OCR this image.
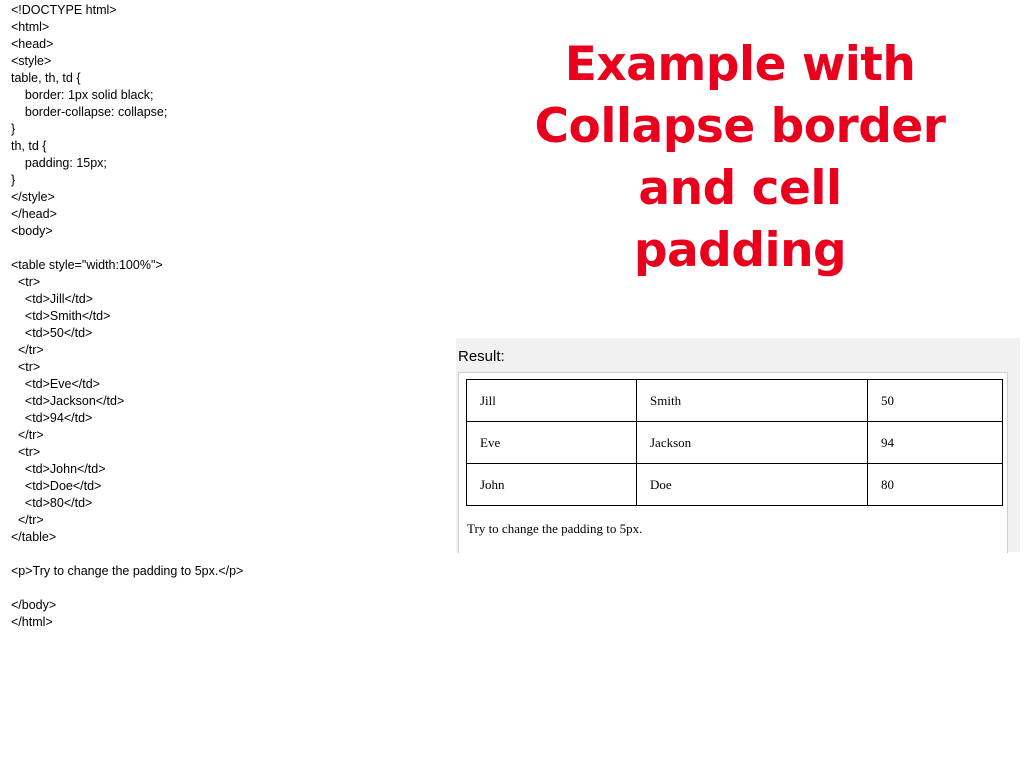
<!DOCTYPE html>
<html>
<head>
<style>
table, th, td {
border: 1px solid black;
border-collapse: collapse;
}
th, td {
padding: 15px;
}
</style>
</head>
<body>
<table style="width:100%">
<tr>
<td>Jill</td>
<td>Smith</td>
<td>50</td>
</tr>
<tr>
<td>Eve</td>
<td>Jackson</td>
<td>94</td>
</tr>
<tr>
<td>John</td>
<td>Doe</td>
<td>80</td>
</tr>
</table>
<p>Try to change the padding to 5px.</p>
</body>
</html>
Example with
Collapse border
and cell
padding
Result:
Jill	Smith	50
Eve	Jackson	94
John	Doe	80

Try to change the padding to 5px.
